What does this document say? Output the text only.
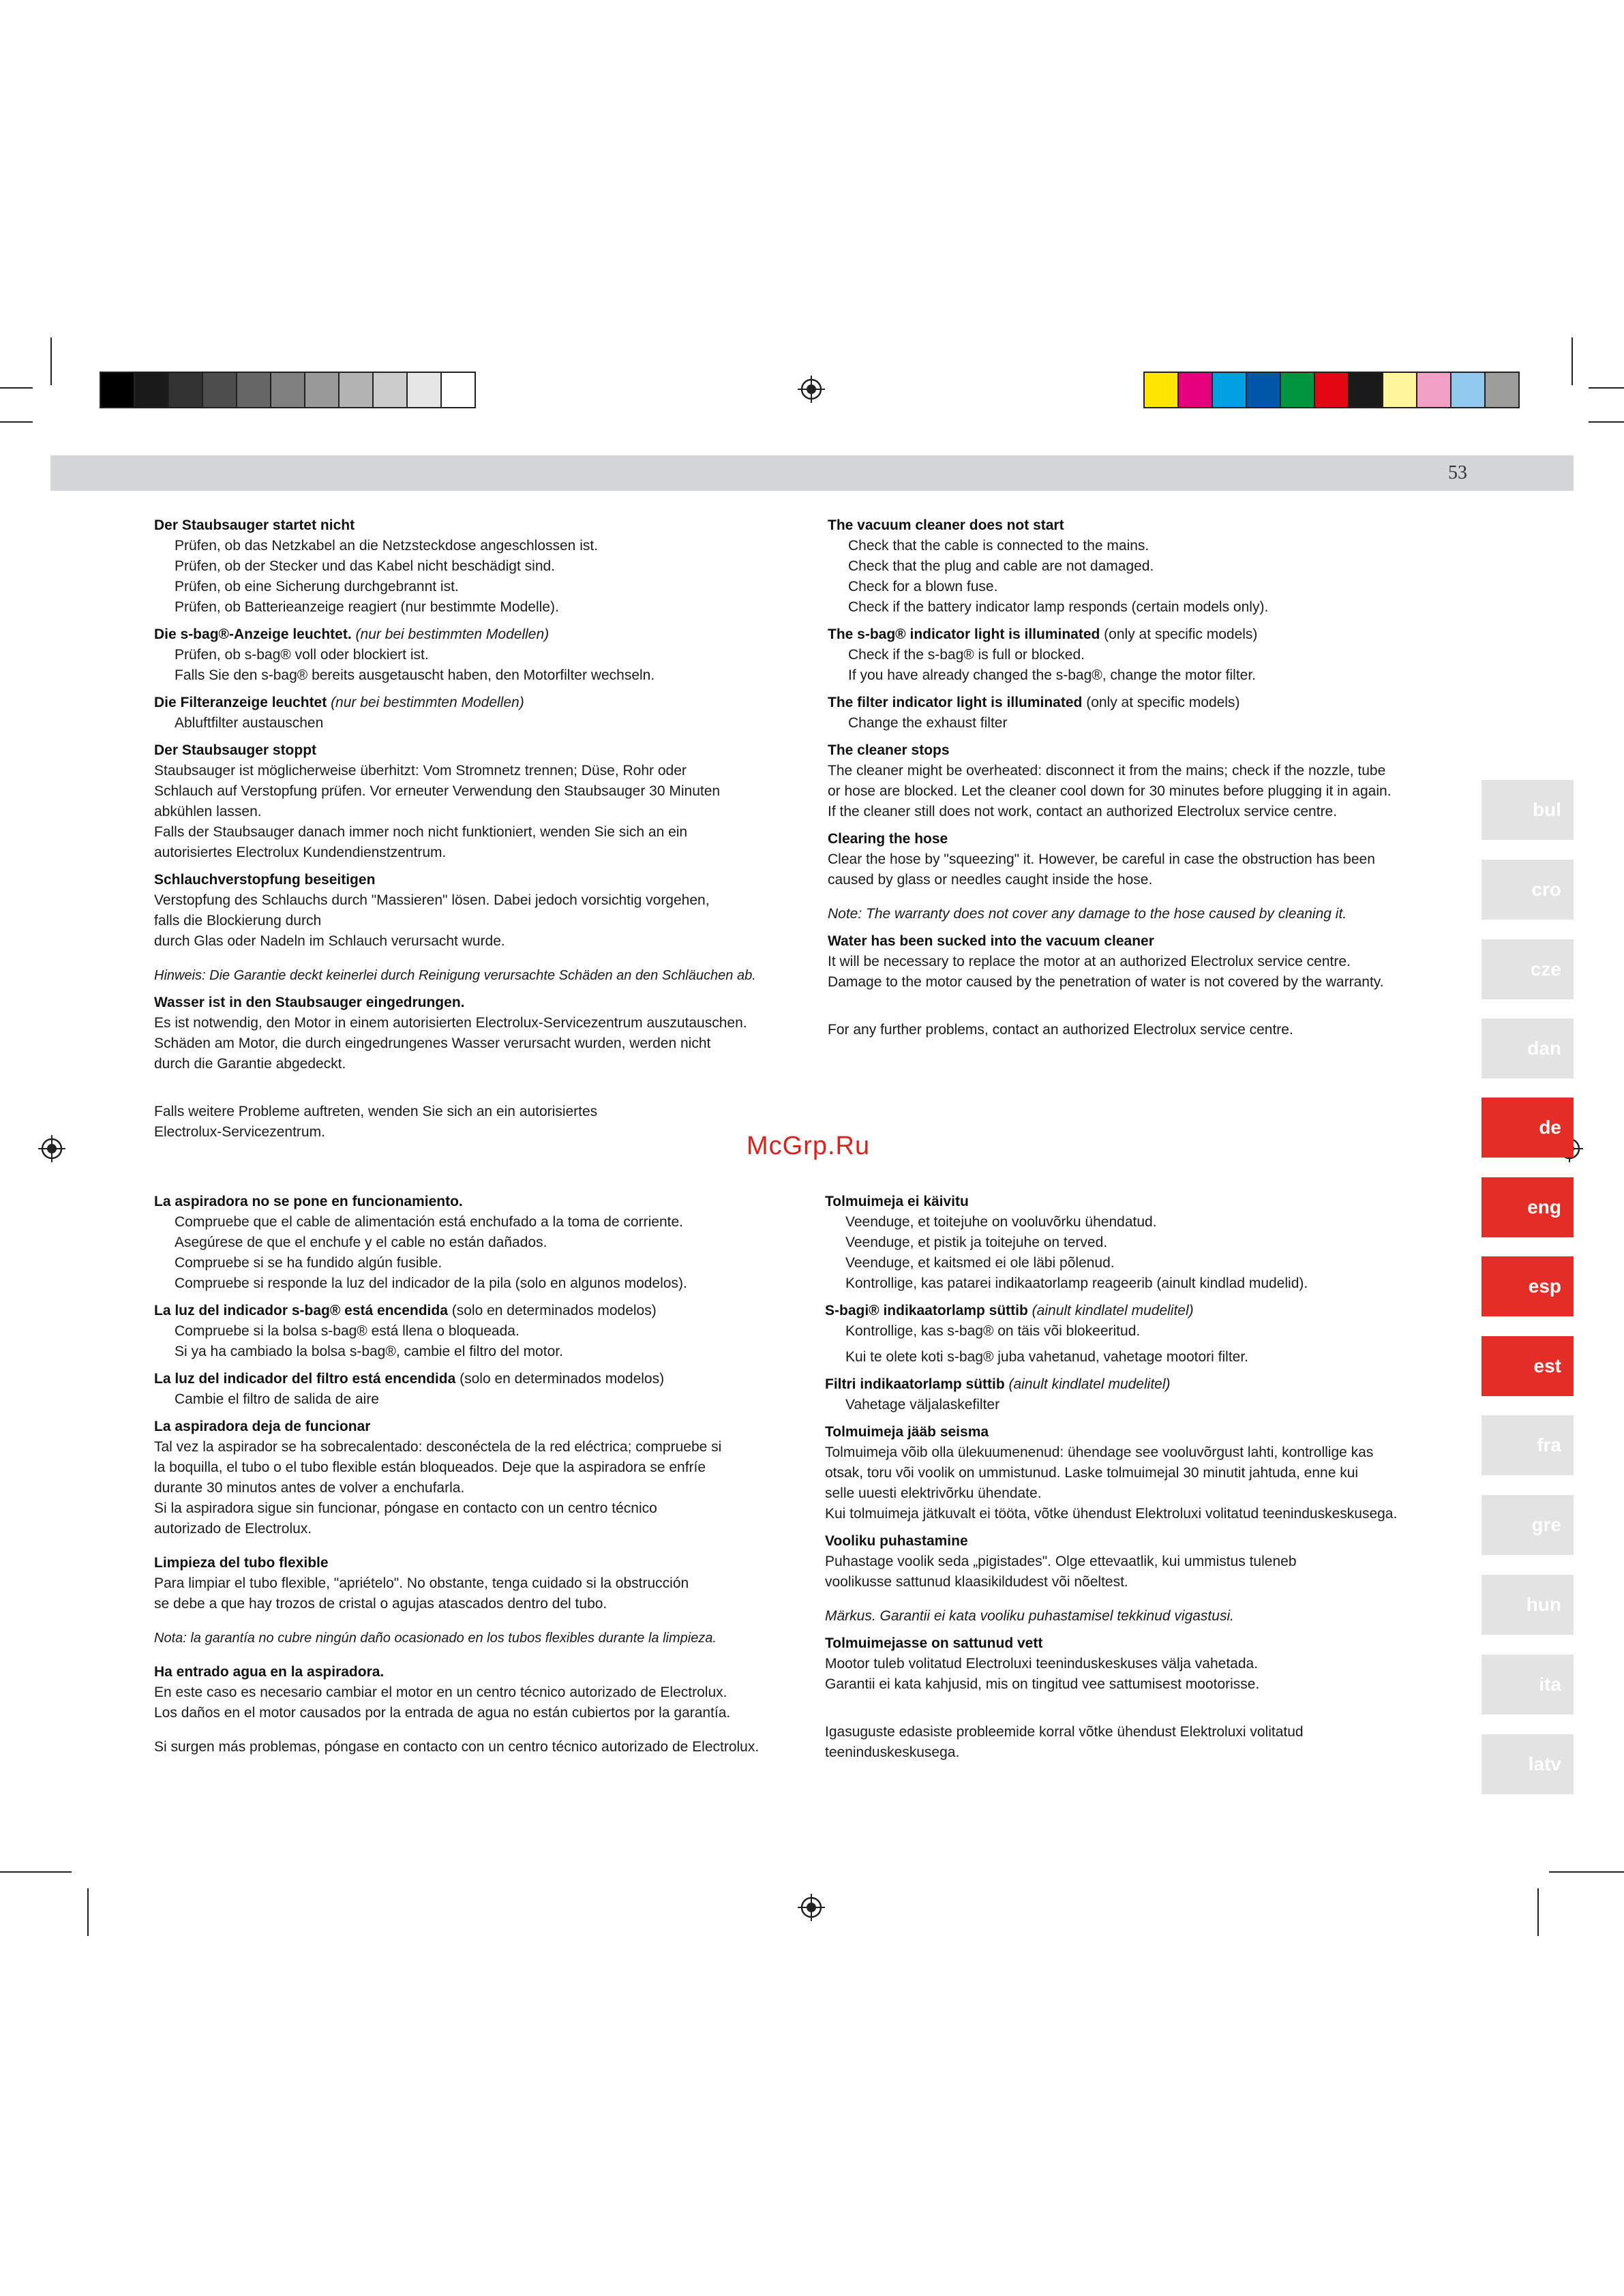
53

Der Staubsauger startet nicht

Prüfen, ob das Netzkabel an die Netzsteckdose angeschlossen ist.

Prüfen, ob der Stecker und das Kabel nicht beschädigt sind.

Prüfen, ob eine Sicherung durchgebrannt ist.

Prüfen, ob Batterieanzeige reagiert (nur bestimmte Modelle).

Die s-bag®-Anzeige leuchtet. (nur bei bestimmten Modellen)

Prüfen, ob s-bag® voll oder blockiert ist.

Falls Sie den s-bag® bereits ausgetauscht haben, den Motorfilter wechseln.

Die Filteranzeige leuchtet (nur bei bestimmten Modellen)

Abluftfilter austauschen

Der Staubsauger stoppt

Staubsauger ist möglicherweise überhitzt: Vom Stromnetz trennen; Düse, Rohr oder

Schlauch auf Verstopfung prüfen. Vor erneuter Verwendung den Staubsauger 30 Minuten

abkühlen lassen.

Falls der Staubsauger danach immer noch nicht funktioniert, wenden Sie sich an ein

autorisiertes Electrolux Kundendienstzentrum.

Schlauchverstopfung beseitigen

Verstopfung des Schlauchs durch "Massieren" lösen. Dabei jedoch vorsichtig vorgehen,

falls die Blockierung durch

durch Glas oder Nadeln im Schlauch verursacht wurde.

Hinweis: Die Garantie deckt keinerlei durch Reinigung verursachte Schäden an den Schläuchen ab.

Wasser ist in den Staubsauger eingedrungen.

Es ist notwendig, den Motor in einem autorisierten Electrolux-Servicezentrum auszutauschen.

Schäden am Motor, die durch eingedrungenes Wasser verursacht wurden, werden nicht

durch die Garantie abgedeckt.

Falls weitere Probleme auftreten, wenden Sie sich an ein autorisiertes

Electrolux-Servicezentrum.

The vacuum cleaner does not start

Check that the cable is connected to the mains.

Check that the plug and cable are not damaged.

Check for a blown fuse.

Check if the battery indicator lamp responds (certain models only).

The s-bag® indicator light is illuminated (only at specific models)

Check if the s-bag® is full or blocked.

If you have already changed the s-bag®, change the motor filter.

The filter indicator light is illuminated (only at specific models)

Change the exhaust filter

The cleaner stops

The cleaner might be overheated: disconnect it from the mains; check if the nozzle, tube

or hose are blocked. Let the cleaner cool down for 30 minutes before plugging it in again.

If the cleaner still does not work, contact an authorized Electrolux service centre.

Clearing the hose

Clear the hose by "squeezing" it. However, be careful in case the obstruction has been

caused by glass or needles caught inside the hose.

Note: The warranty does not cover any damage to the hose caused by cleaning it.

Water has been sucked into the vacuum cleaner

It will be necessary to replace the motor at an authorized Electrolux service centre.

Damage to the motor caused by the penetration of water is not covered by the warranty.

For any further problems, contact an authorized Electrolux service centre.

McGrp.Ru

La aspiradora no se pone en funcionamiento.

Compruebe que el cable de alimentación está enchufado a la toma de corriente.

Asegúrese de que el enchufe y el cable no están dañados.

Compruebe si se ha fundido algún fusible.

Compruebe si responde la luz del indicador de la pila (solo en algunos modelos).

La luz del indicador s-bag® está encendida (solo en determinados modelos)

Compruebe si la bolsa s-bag® está llena o bloqueada.

Si ya ha cambiado la bolsa s-bag®, cambie el filtro del motor.

La luz del indicador del filtro está encendida (solo en determinados modelos)

Cambie el filtro de salida de aire

La aspiradora deja de funcionar

Tal vez la aspirador se ha sobrecalentado: desconéctela de la red eléctrica; compruebe si

la boquilla, el tubo o el tubo flexible están bloqueados. Deje que la aspiradora se enfríe

durante 30 minutos antes de volver a enchufarla.

Si la aspiradora sigue sin funcionar, póngase en contacto con un centro técnico

autorizado de Electrolux.

Limpieza del tubo flexible

Para limpiar el tubo flexible, "apriételo". No obstante, tenga cuidado si la obstrucción

se debe a que hay trozos de cristal o agujas atascados dentro del tubo.

Nota: la garantía no cubre ningún daño ocasionado en los tubos flexibles durante la limpieza.

Ha entrado agua en la aspiradora.

En este caso es necesario cambiar el motor en un centro técnico autorizado de Electrolux.

Los daños en el motor causados por la entrada de agua no están cubiertos por la garantía.

Si surgen más problemas, póngase en contacto con un centro técnico autorizado de Electrolux.

Tolmuimeja ei käivitu

Veenduge, et toitejuhe on vooluvõrku ühendatud.

Veenduge, et pistik ja toitejuhe on terved.

Veenduge, et kaitsmed ei ole läbi põlenud.

Kontrollige, kas patarei indikaatorlamp reageerib (ainult kindlad mudelid).

S-bagi® indikaatorlamp süttib (ainult kindlatel mudelitel)

Kontrollige, kas s-bag® on täis või blokeeritud.

Kui te olete koti s-bag® juba vahetanud, vahetage mootori filter.

Filtri indikaatorlamp süttib (ainult kindlatel mudelitel)

Vahetage väljalaskefilter

Tolmuimeja jääb seisma

Tolmuimeja võib olla ülekuumenenud: ühendage see vooluvõrgust lahti, kontrollige kas

otsak, toru või voolik on ummistunud. Laske tolmuimejal 30 minutit jahtuda, enne kui

selle uuesti elektrivõrku ühendate.

Kui tolmuimeja jätkuvalt ei tööta, võtke ühendust Elektroluxi volitatud teeninduskeskusega.

Vooliku puhastamine

Puhastage voolik seda „pigistades". Olge ettevaatlik, kui ummistus tuleneb

voolikusse sattunud klaasikildudest või nõeltest.

Märkus. Garantii ei kata vooliku puhastamisel tekkinud vigastusi.

Tolmuimejasse on sattunud vett

Mootor tuleb volitatud Electroluxi teeninduskeskuses välja vahetada.

Garantii ei kata kahjusid, mis on tingitud vee sattumisest mootorisse.

Igasuguste edasiste probleemide korral võtke ühendust Elektroluxi volitatud

teeninduskeskusega.

bul
cro
cze
dan
de
eng
esp
est
fra
gre
hun
ita
latv
